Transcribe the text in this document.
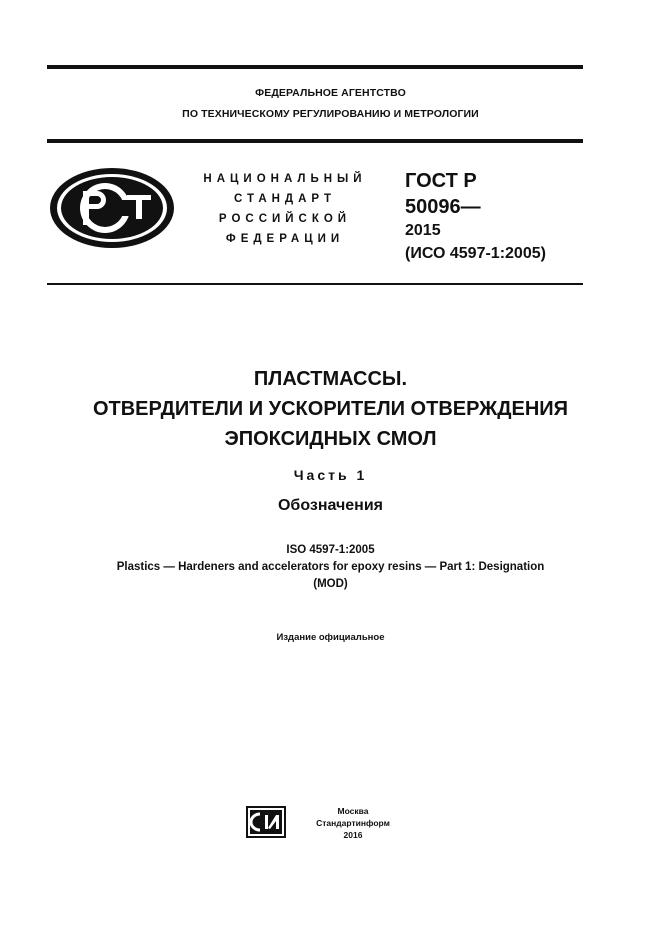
ФЕДЕРАЛЬНОЕ АГЕНТСТВО
ПО ТЕХНИЧЕСКОМУ РЕГУЛИРОВАНИЮ И МЕТРОЛОГИИ
НАЦИОНАЛЬНЫЙ
СТАНДАРТ
РОССИЙСКОЙ
ФЕДЕРАЦИИ
ГОСТ Р
50096—
2015
(ИСО 4597-1:2005)
ПЛАСТМАССЫ.
ОТВЕРДИТЕЛИ И УСКОРИТЕЛИ ОТВЕРЖДЕНИЯ
ЭПОКСИДНЫХ СМОЛ
Часть 1
Обозначения
ISO 4597-1:2005
Plastics — Hardeners and accelerators for epoxy resins — Part 1: Designation
(MOD)
Издание официальное
Москва
Стандартинформ
2016
